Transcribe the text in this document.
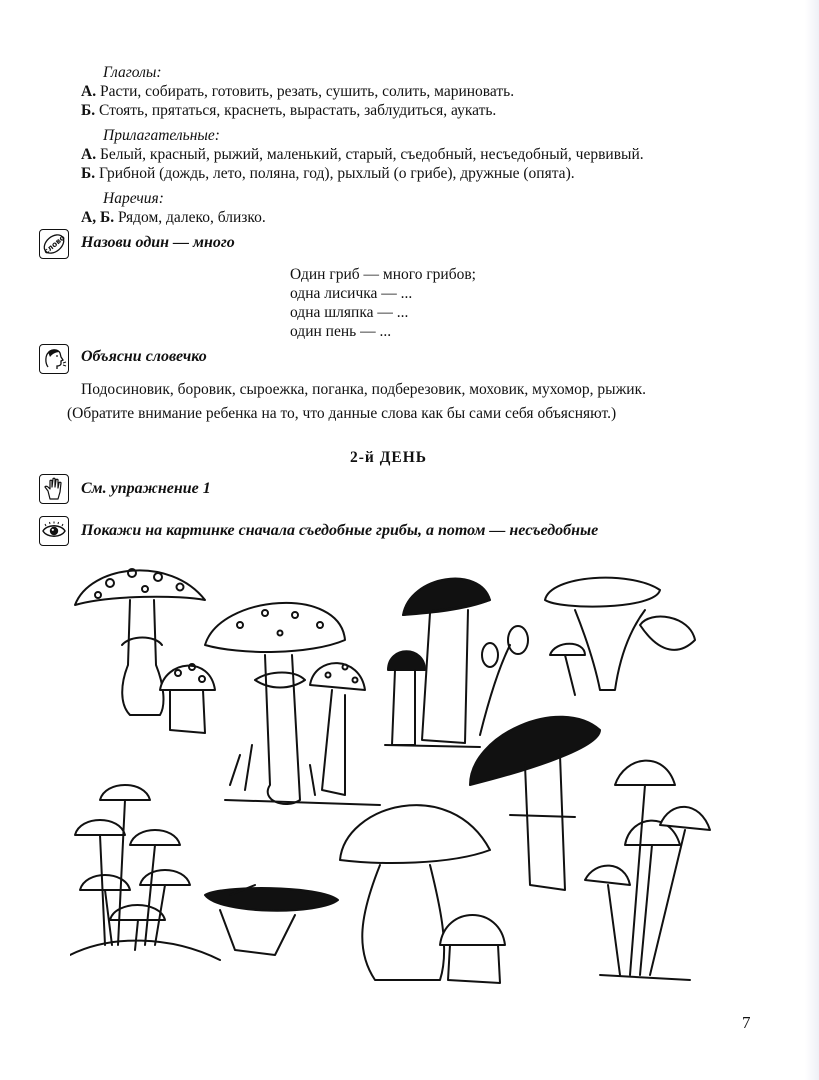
Глаголы:
А. Расти, собирать, готовить, резать, сушить, солить, мариновать.
Б. Стоять, прятаться, краснеть, вырастать, заблудиться, аукать.
Прилагательные:
А. Белый, красный, рыжий, маленький, старый, съедобный, несъедобный, червивый.
Б. Грибной (дождь, лето, поляна, год), рыхлый (о грибе), дружные (опята).
Наречия:
А, Б. Рядом, далеко, близко.
слово Назови один — много
Один гриб — много грибов;
одна лисичка — ...
одна шляпка — ...
один пень — ...
Объясни словечко
Подосиновик, боровик, сыроежка, поганка, подберезовик, моховик, мухомор, рыжик.
(Обратите внимание ребенка на то, что данные слова как бы сами себя объясняют.)
2-й ДЕНЬ
См. упражнение 1
Покажи на картинке сначала съедобные грибы, а потом — несъедобные
7
